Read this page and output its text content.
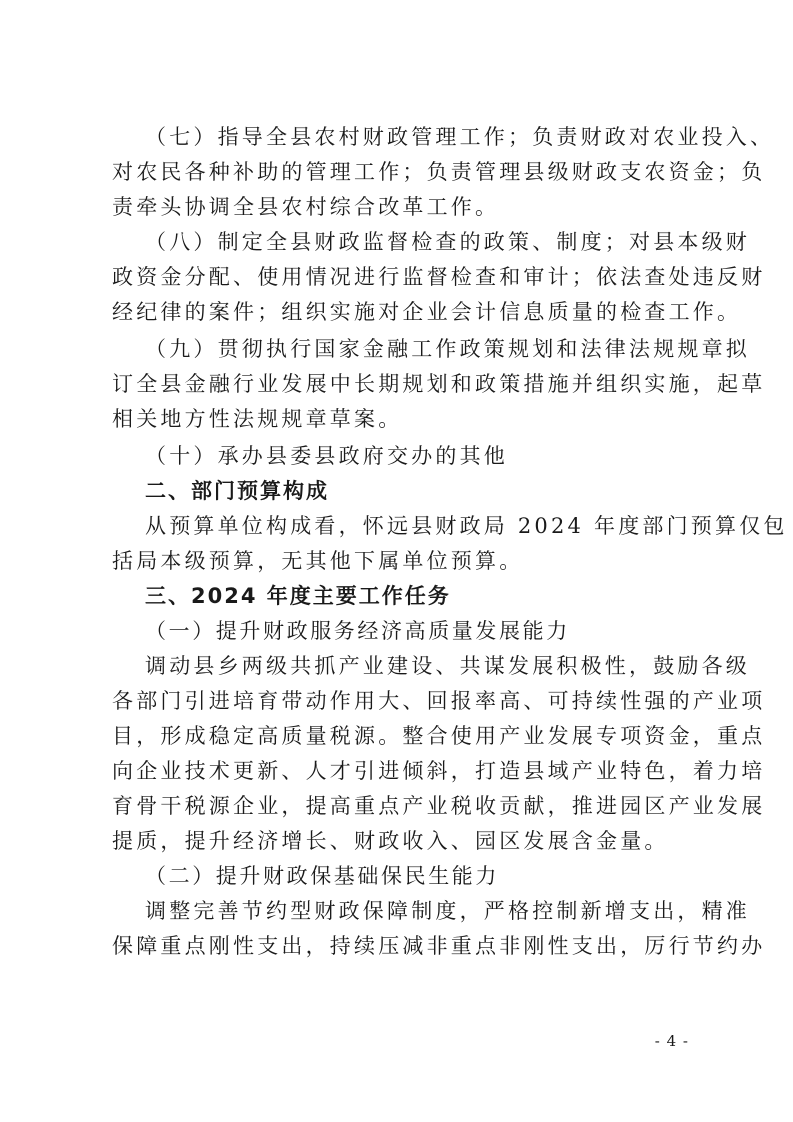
（七）指导全县农村财政管理工作；负责财政对农业投入、
对农民各种补助的管理工作；负责管理县级财政支农资金；负
责牵头协调全县农村综合改革工作。
（八）制定全县财政监督检查的政策、制度；对县本级财
政资金分配、使用情况进行监督检查和审计；依法查处违反财
经纪律的案件；组织实施对企业会计信息质量的检查工作。
（九）贯彻执行国家金融工作政策规划和法律法规规章拟
订全县金融行业发展中长期规划和政策措施并组织实施，起草
相关地方性法规规章草案。
（十）承办县委县政府交办的其他
二、部门预算构成
从预算单位构成看，怀远县财政局 2024 年度部门预算仅包
括局本级预算，无其他下属单位预算。
三、2024 年度主要工作任务
（一）提升财政服务经济高质量发展能力
调动县乡两级共抓产业建设、共谋发展积极性，鼓励各级
各部门引进培育带动作用大、回报率高、可持续性强的产业项
目，形成稳定高质量税源。整合使用产业发展专项资金，重点
向企业技术更新、人才引进倾斜，打造县域产业特色，着力培
育骨干税源企业，提高重点产业税收贡献，推进园区产业发展
提质，提升经济增长、财政收入、园区发展含金量。
（二）提升财政保基础保民生能力
调整完善节约型财政保障制度，严格控制新增支出，精准
保障重点刚性支出，持续压减非重点非刚性支出，厉行节约办
- 4 -
